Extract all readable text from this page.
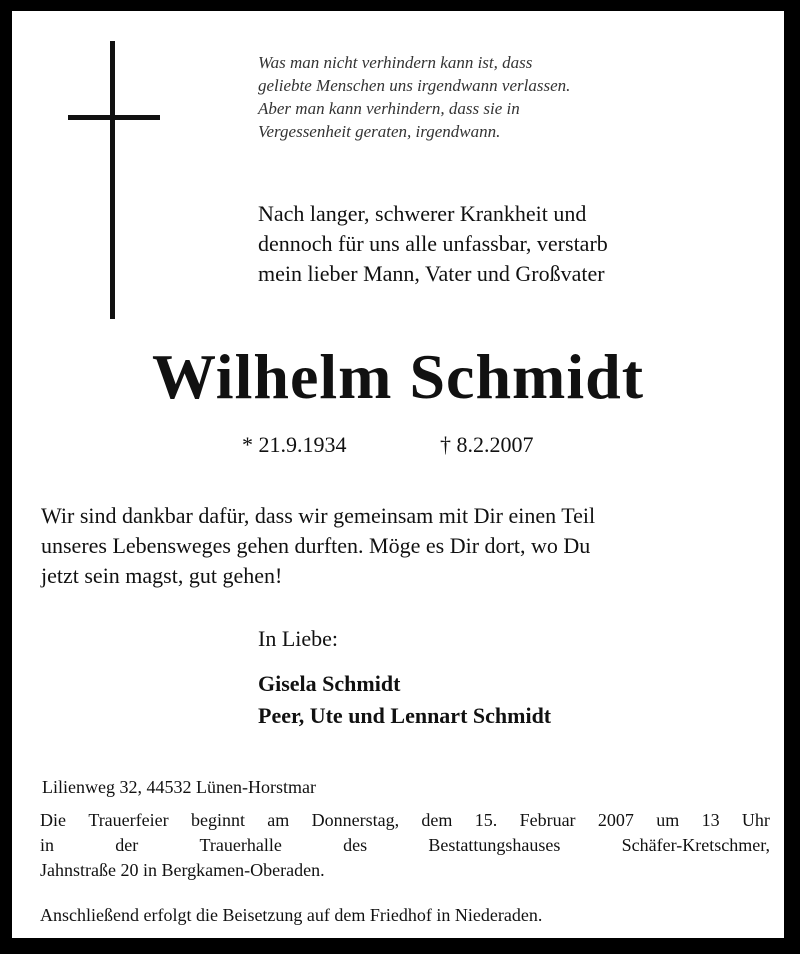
Was man nicht verhindern kann ist, dass
geliebte Menschen uns irgendwann verlassen.
Aber man kann verhindern, dass sie in
Vergessenheit geraten, irgendwann.
Nach langer, schwerer Krankheit und
dennoch für uns alle unfassbar, verstarb
mein lieber Mann, Vater und Großvater
Wilhelm Schmidt
* 21.9.1934	† 8.2.2007
Wir sind dankbar dafür, dass wir gemeinsam mit Dir einen Teil
unseres Lebensweges gehen durften. Möge es Dir dort, wo Du
jetzt sein magst, gut gehen!
In Liebe:
Gisela Schmidt
Peer, Ute und Lennart Schmidt
Lilienweg 32, 44532 Lünen-Horstmar
Die Trauerfeier beginnt am Donnerstag, dem 15. Februar 2007 um 13 Uhr
in	der	Trauerhalle	des	Bestattungshauses	Schäfer-Kretschmer,
Jahnstraße 20 in Bergkamen-Oberaden.
Anschließend erfolgt die Beisetzung auf dem Friedhof in Niederaden.
